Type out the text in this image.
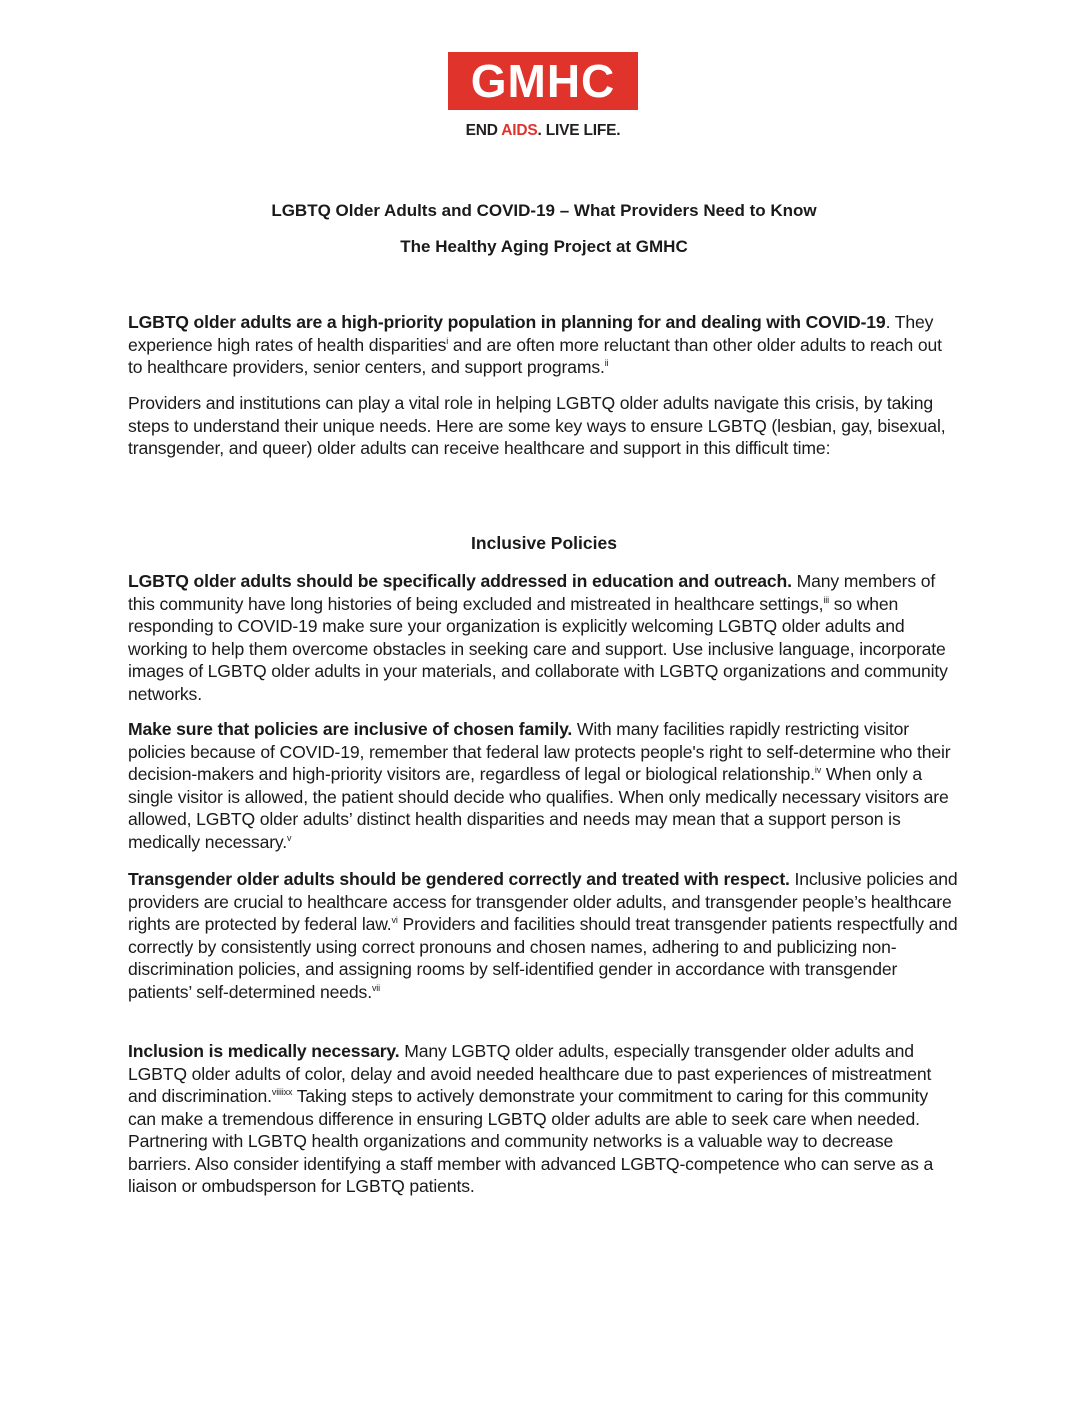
GMHC
END AIDS. LIVE LIFE.
LGBTQ Older Adults and COVID-19 – What Providers Need to Know
The Healthy Aging Project at GMHC

LGBTQ older adults are a high-priority population in planning for and dealing with COVID-19. They experience high rates of health disparities$^i$ and are often more reluctant than other older adults to reach out to healthcare providers, senior centers, and support programs.$^{ii}$

Providers and institutions can play a vital role in helping LGBTQ older adults navigate this crisis, by taking steps to understand their unique needs. Here are some key ways to ensure LGBTQ (lesbian, gay, bisexual, transgender, and queer) older adults can receive healthcare and support in this difficult time:

Inclusive Policies

LGBTQ older adults should be specifically addressed in education and outreach. Many members of this community have long histories of being excluded and mistreated in healthcare settings,$^{iii}$ so when responding to COVID-19 make sure your organization is explicitly welcoming LGBTQ older adults and working to help them overcome obstacles in seeking care and support. Use inclusive language, incorporate images of LGBTQ older adults in your materials, and collaborate with LGBTQ organizations and community networks.

Make sure that policies are inclusive of chosen family. With many facilities rapidly restricting visitor policies because of COVID-19, remember that federal law protects people's right to self-determine who their decision-makers and high-priority visitors are, regardless of legal or biological relationship.$^{iv}$ When only a single visitor is allowed, the patient should decide who qualifies. When only medically necessary visitors are allowed, LGBTQ older adults’ distinct health disparities and needs may mean that a support person is medically necessary.$^v$

Transgender older adults should be gendered correctly and treated with respect. Inclusive policies and providers are crucial to healthcare access for transgender older adults, and transgender people’s healthcare rights are protected by federal law.$^{vi}$ Providers and facilities should treat transgender patients respectfully and correctly by consistently using correct pronouns and chosen names, adhering to and publicizing non-discrimination policies, and assigning rooms by self-identified gender in accordance with transgender patients’ self-determined needs.$^{vii}$

Inclusion is medically necessary. Many LGBTQ older adults, especially transgender older adults and LGBTQ older adults of color, delay and avoid needed healthcare due to past experiences of mistreatment and discrimination.$^{viiiixx}$ Taking steps to actively demonstrate your commitment to caring for this community can make a tremendous difference in ensuring LGBTQ older adults are able to seek care when needed. Partnering with LGBTQ health organizations and community networks is a valuable way to decrease barriers. Also consider identifying a staff member with advanced LGBTQ-competence who can serve as a liaison or ombudsperson for LGBTQ patients.
